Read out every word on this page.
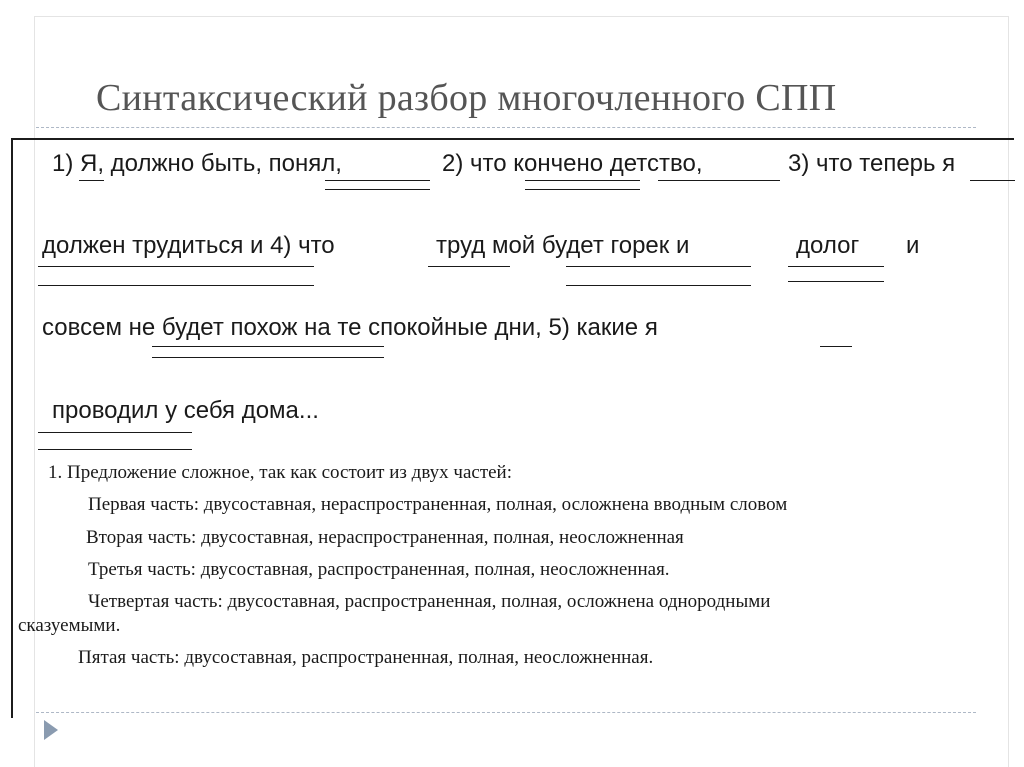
Синтаксический разбор многочленного СПП
1) Я, должно быть, понял,	2) что кончено детство,	3) что теперь я
должен трудиться и 4) что	труд мой будет горек и	долог и
совсем не будет похож на те спокойные дни, 5) какие я
проводил у себя дома...
1. Предложение сложное, так как состоит из двух частей:
Первая часть: двусоставная, нераспространенная, полная, осложнена вводным словом
Вторая часть: двусоставная, нераспространенная, полная, неосложненная
Третья часть: двусоставная, распространенная, полная, неосложненная.
Четвертая часть: двусоставная, распространенная, полная, осложнена однородными
сказуемыми.
Пятая часть: двусоставная, распространенная, полная, неосложненная.
